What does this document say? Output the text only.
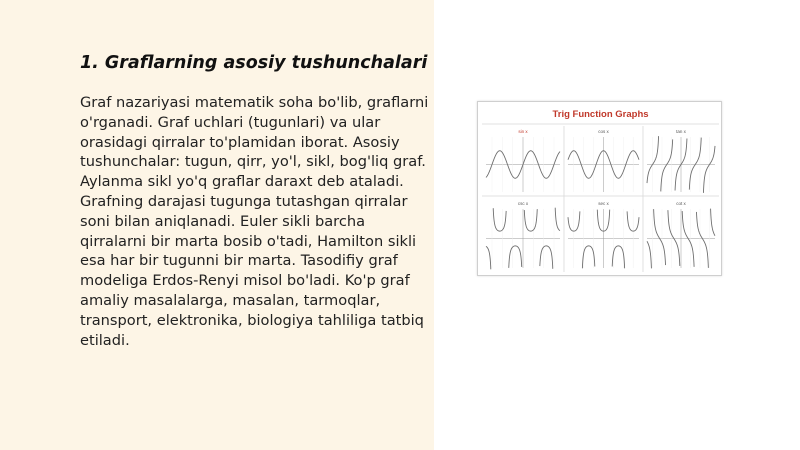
1. Graflarning asosiy tushunchalari

Graf nazariyasi matematik soha bo'lib, graflarni o'rganadi. Graf uchlari (tugunlari) va ular orasidagi qirralar to'plamidan iborat. Asosiy tushunchalar: tugun, qirr, yo'l, sikl, bog'liq graf. Aylanma sikl yo'q graflar daraxt deb ataladi. Grafning darajasi tugunga tutashgan qirralar soni bilan aniqlanadi. Euler sikli barcha qirralarni bir marta bosib o'tadi, Hamilton sikli esa har bir tugunni bir marta. Tasodifiy graf modeliga Erdos-Renyi misol bo'ladi. Ko'p graf amaliy masalalarga, masalan, tarmoqlar, transport, elektronika, biologiya tahliliga tatbiq etiladi.

Trig Function Graphs
sin x	cos x	tan x
csc x	sec x	cot x
